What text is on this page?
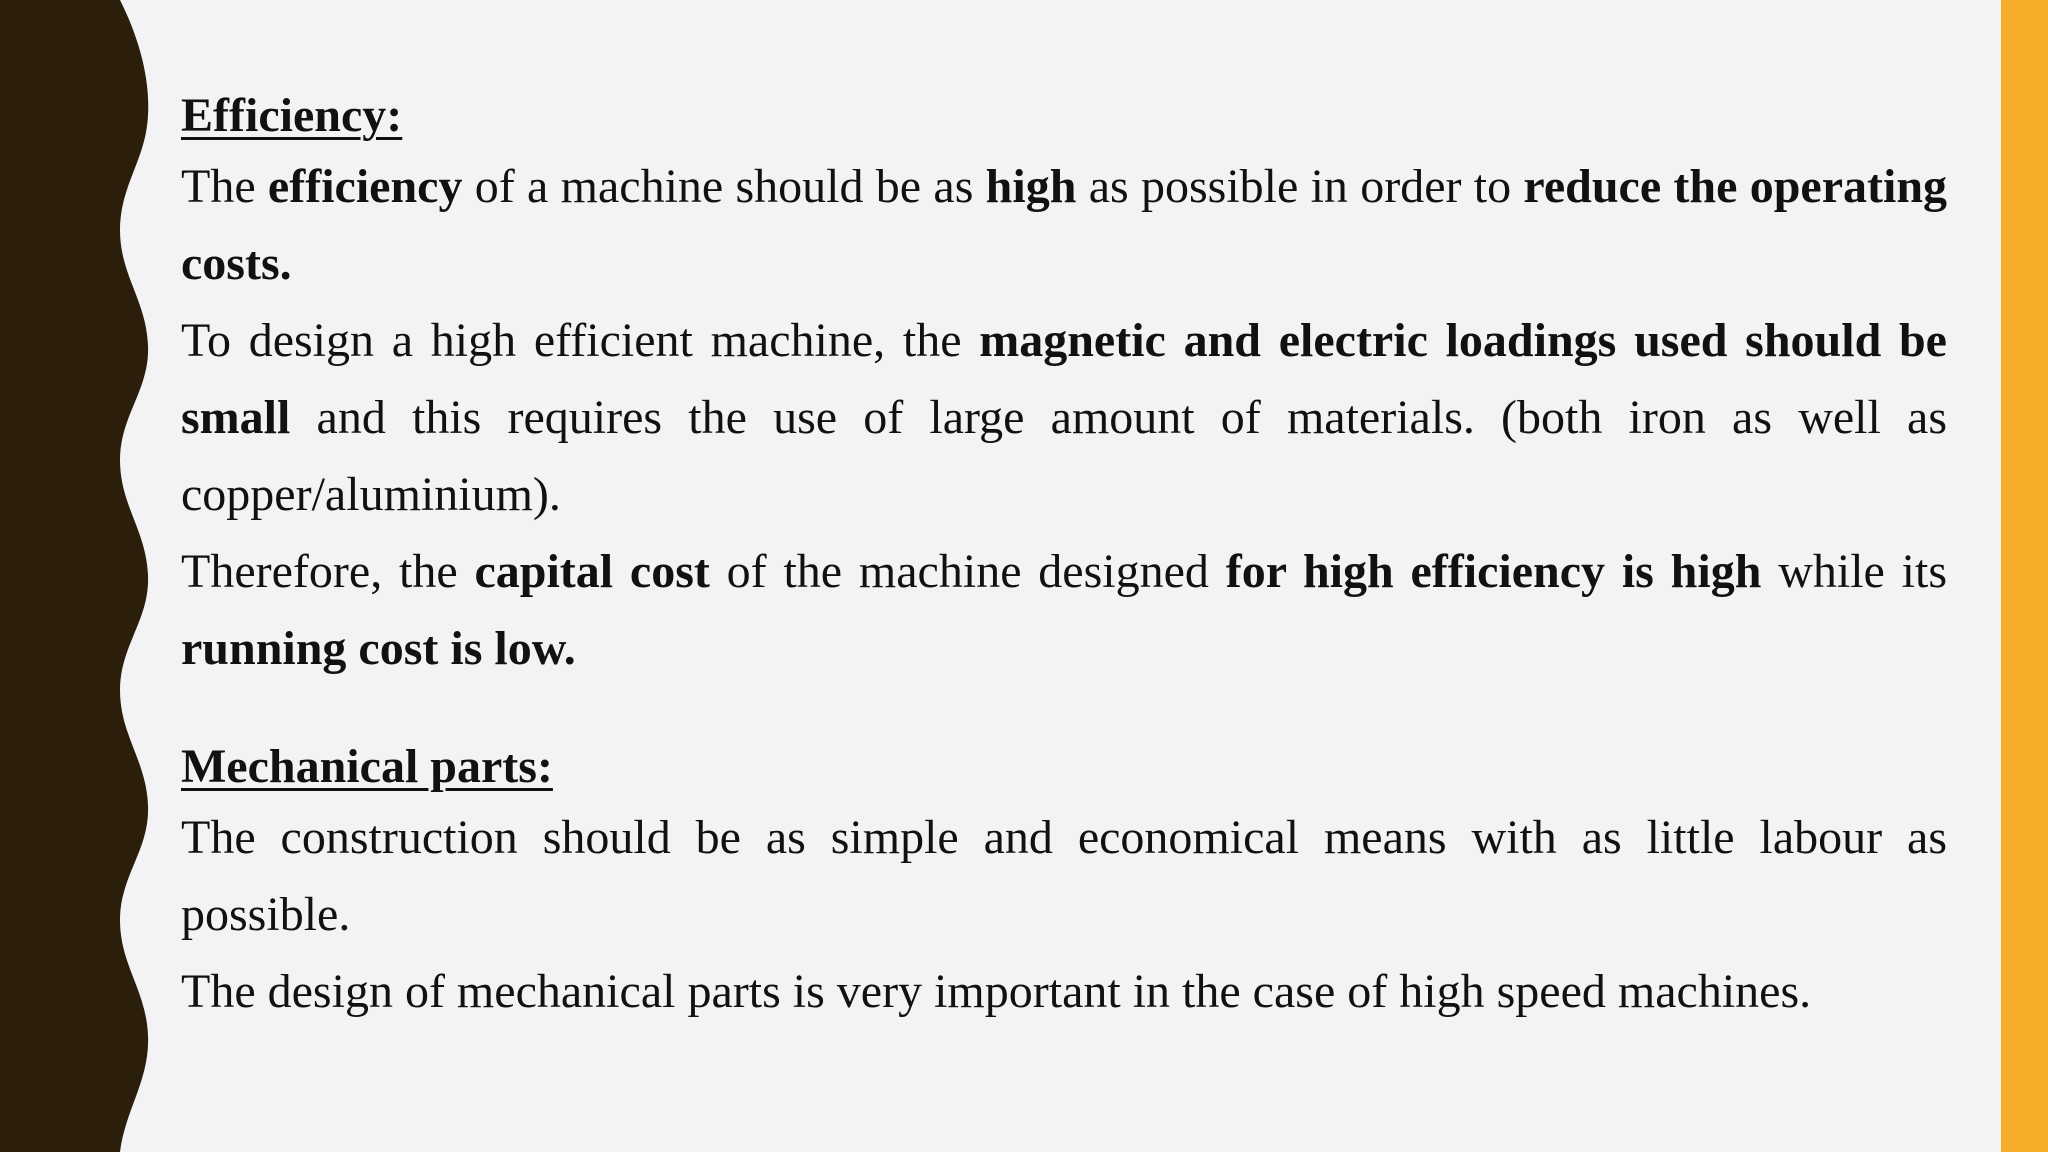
Efficiency:

The efficiency of a machine should be as high as possible in order to reduce the operating costs.

To design a high efficient machine, the magnetic and electric loadings used should be small and this requires the use of large amount of materials. (both iron as well as copper/aluminium).

Therefore, the capital cost of the machine designed for high efficiency is high while its running cost is low.

Mechanical parts:

The construction should be as simple and economical means with as little labour as possible.

The design of mechanical parts is very important in the case of high speed machines.
